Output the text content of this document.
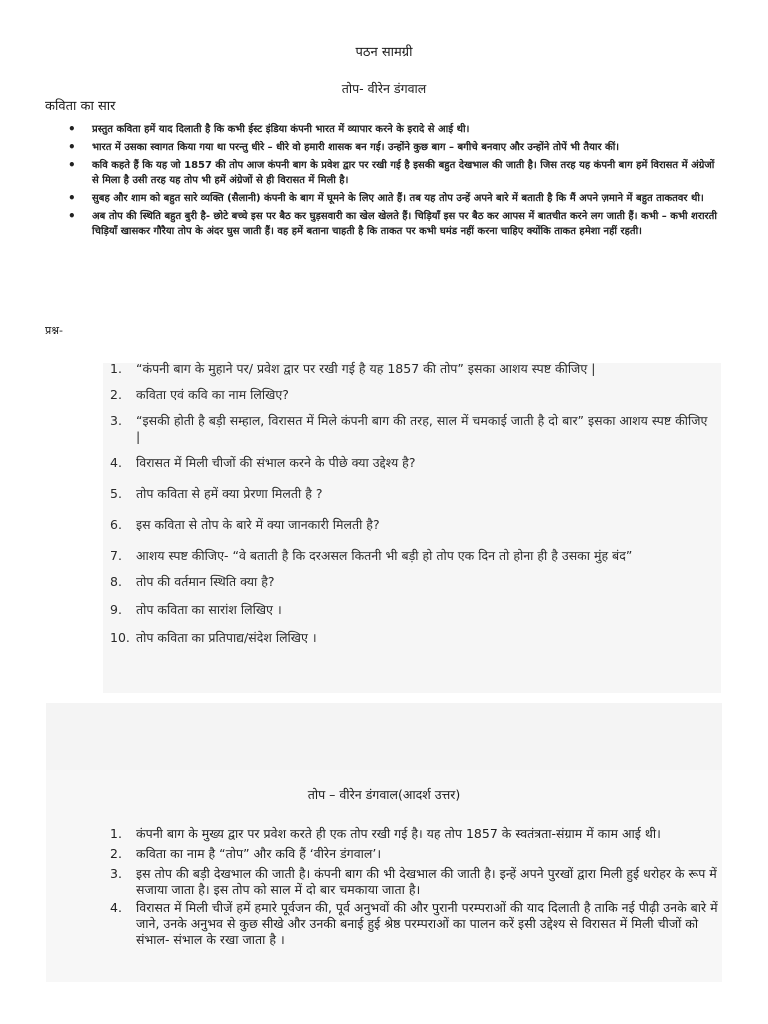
पठन सामग्री
तोप- वीरेन डंगवाल
कविता का सार
• प्रस्तुत कविता हमें याद दिलाती है कि कभी ईस्ट इंडिया कंपनी भारत में व्यापार करने के इरादे से आई थी।
• भारत में उसका स्वागत किया गया था परन्तु धीरे – धीरे वो हमारी शासक बन गई। उन्होंने कुछ बाग – बगीचे बनवाए और उन्होंने तोपें भी तैयार कीं।
• कवि कहते हैं कि यह जो 1857 की तोप आज कंपनी बाग के प्रवेश द्वार पर रखी गई है इसकी बहुत देखभाल की जाती है। जिस तरह यह कंपनी बाग हमें विरासत में अंग्रेजों से मिला है उसी तरह यह तोप भी हमें अंग्रेजों से ही विरासत में मिली है।
• सुबह और शाम को बहुत सारे व्यक्ति (सैलानी) कंपनी के बाग में घूमने के लिए आते हैं। तब यह तोप उन्हें अपने बारे में बताती है कि मैं अपने ज़माने में बहुत ताकतवर थी।
• अब तोप की स्थिति बहुत बुरी है- छोटे बच्चे इस पर बैठ कर घुड़सवारी का खेल खेलते हैं। चिड़ियाँ इस पर बैठ कर आपस में बातचीत करने लग जाती हैं। कभी – कभी शरारती चिड़ियाँ खासकर गौरैया तोप के अंदर घुस जाती हैं। वह हमें बताना चाहती है कि ताकत पर कभी घमंड नहीं करना चाहिए क्योंकि ताकत हमेशा नहीं रहती।
प्रश्न-
1. “कंपनी बाग के मुहाने पर/ प्रवेश द्वार पर रखी गई है यह 1857 की तोप” इसका आशय स्पष्ट कीजिए |
2. कविता एवं कवि का नाम लिखिए?
3. “इसकी होती है बड़ी सम्हाल, विरासत में मिले कंपनी बाग की तरह, साल में चमकाई जाती है दो बार” इसका आशय स्पष्ट कीजिए |
4. विरासत में मिली चीजों की संभाल करने के पीछे क्या उद्देश्य है?
5. तोप कविता से हमें क्या प्रेरणा मिलती है ?
6. इस कविता से तोप के बारे में क्या जानकारी मिलती है?
7. आशय स्पष्ट कीजिए- “वे बताती है कि दरअसल कितनी भी बड़ी हो तोप एक दिन तो होना ही है उसका मुंह बंद”
8. तोप की वर्तमान स्थिति क्या है?
9. तोप कविता का सारांश लिखिए ।
10. तोप कविता का प्रतिपाद्य/संदेश लिखिए ।
तोप – वीरेन डंगवाल(आदर्श उत्तर)
1. कंपनी बाग के मुख्य द्वार पर प्रवेश करते ही एक तोप रखी गई है। यह तोप 1857 के स्वतंत्रता-संग्राम में काम आई थी।
2. कविता का नाम है “तोप” और कवि हैं ‘वीरेन डंगवाल’।
3. इस तोप की बड़ी देखभाल की जाती है। कंपनी बाग की भी देखभाल की जाती है। इन्हें अपने पुरखों द्वारा मिली हुई धरोहर के रूप में सजाया जाता है। इस तोप को साल में दो बार चमकाया जाता है।
4. विरासत में मिली चीजें हमें हमारे पूर्वजन की, पूर्व अनुभवों की और पुरानी परम्पराओं की याद दिलाती है ताकि नई पीढ़ी उनके बारे में जाने, उनके अनुभव से कुछ सीखे और उनकी बनाई हुई श्रेष्ठ परम्पराओं का पालन करें इसी उद्देश्य से विरासत में मिली चीजों को संभाल- संभाल के रखा जाता है ।
